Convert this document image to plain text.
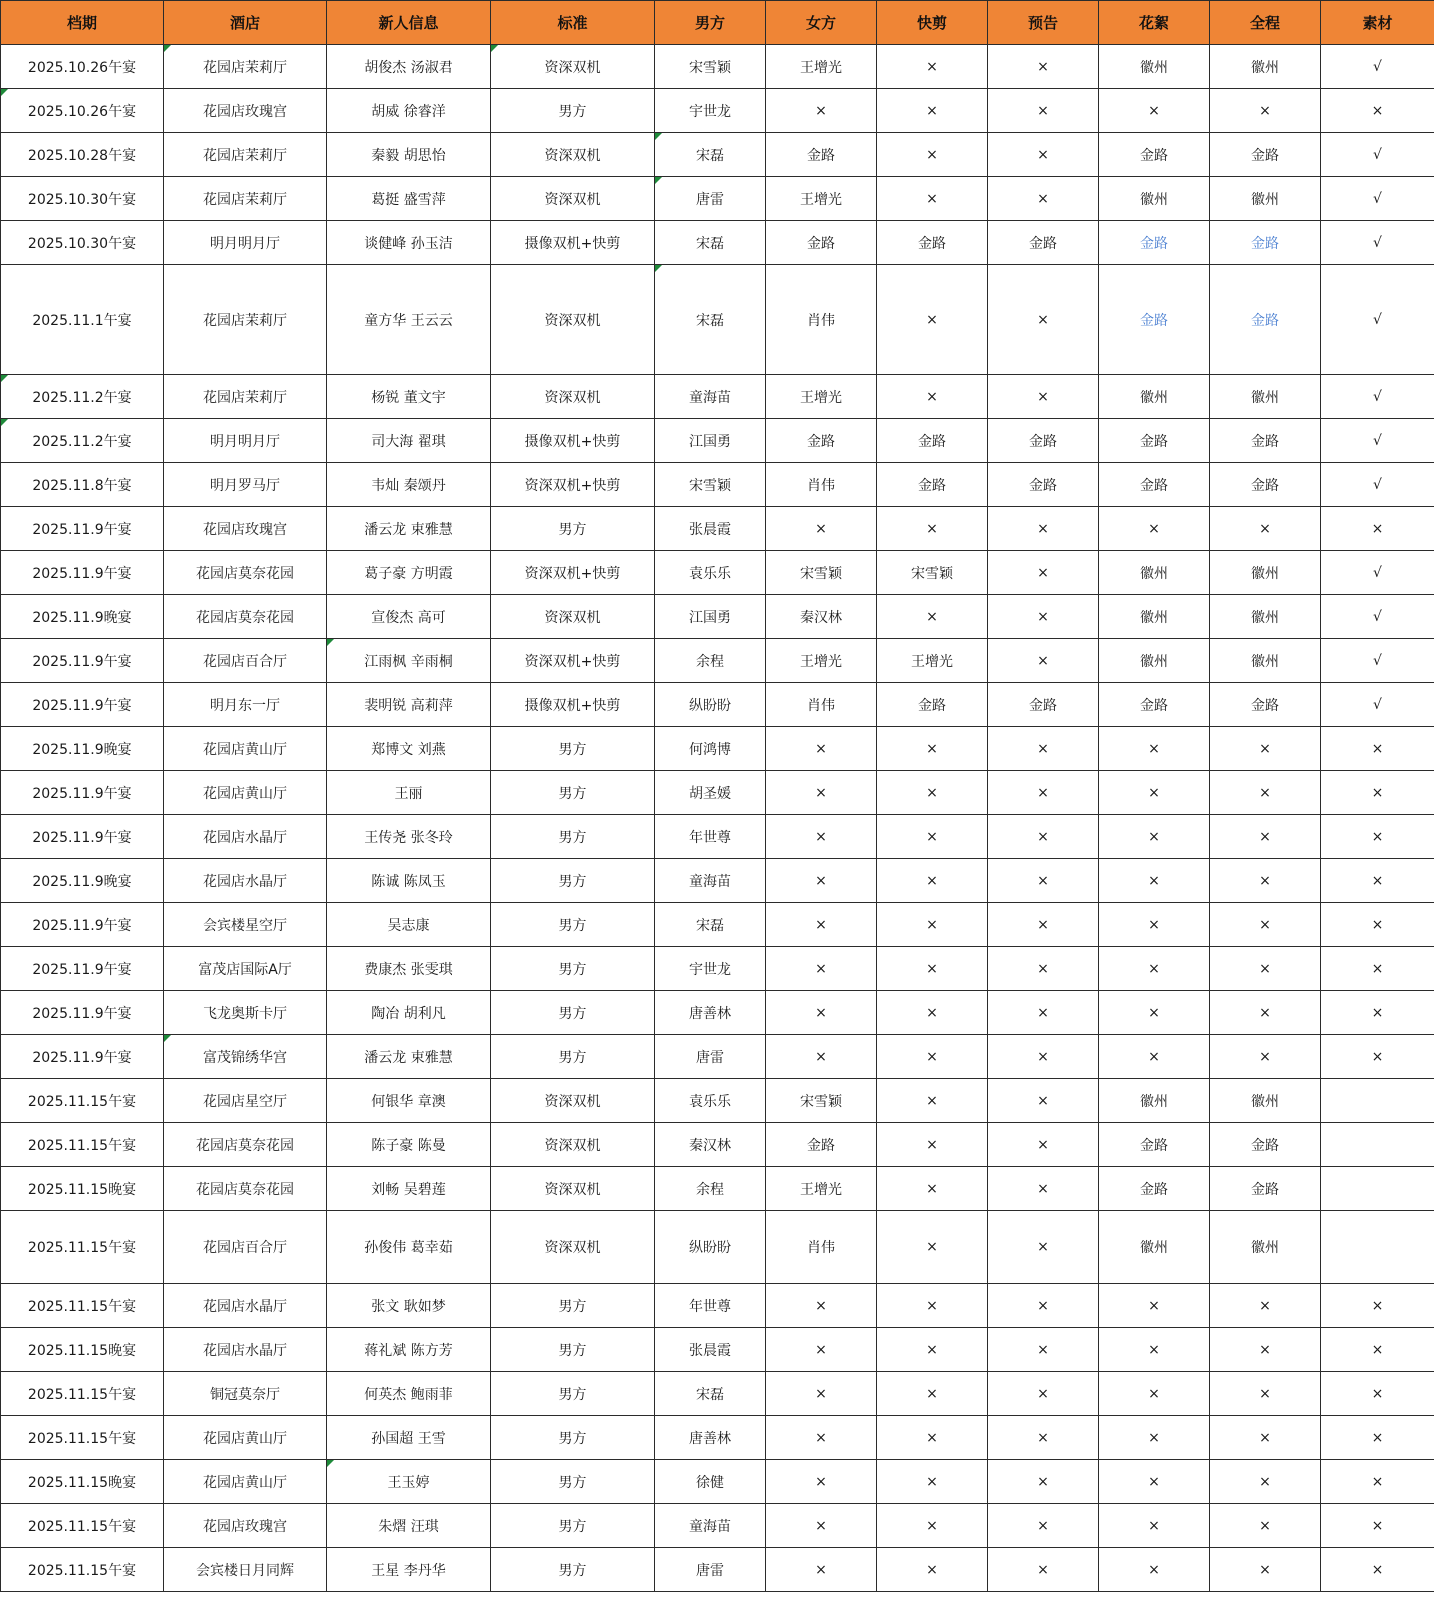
档期	酒店	新人信息	标准	男方	女方	快剪	预告	花絮	全程	素材
2025.10.26午宴	花园店茉莉厅	胡俊杰 汤淑君	资深双机	宋雪颖	王增光	×	×	徽州	徽州	√
2025.10.26午宴	花园店玫瑰宫	胡威 徐睿洋	男方	宇世龙	×	×	×	×	×	×
2025.10.28午宴	花园店茉莉厅	秦毅 胡思怡	资深双机	宋磊	金路	×	×	金路	金路	√
2025.10.30午宴	花园店茉莉厅	葛挺 盛雪萍	资深双机	唐雷	王增光	×	×	徽州	徽州	√
2025.10.30午宴	明月明月厅	谈健峰 孙玉洁	摄像双机+快剪	宋磊	金路	金路	金路	金路	金路	√
2025.11.1午宴	花园店茉莉厅	童方华 王云云	资深双机	宋磊	肖伟	×	×	金路	金路	√
2025.11.2午宴	花园店茉莉厅	杨锐 董文宇	资深双机	童海苗	王增光	×	×	徽州	徽州	√
2025.11.2午宴	明月明月厅	司大海 翟琪	摄像双机+快剪	江国勇	金路	金路	金路	金路	金路	√
2025.11.8午宴	明月罗马厅	韦灿 秦颂丹	资深双机+快剪	宋雪颖	肖伟	金路	金路	金路	金路	√
2025.11.9午宴	花园店玫瑰宫	潘云龙 束雅慧	男方	张晨霞	×	×	×	×	×	×
2025.11.9午宴	花园店莫奈花园	葛子豪 方明霞	资深双机+快剪	袁乐乐	宋雪颖	宋雪颖	×	徽州	徽州	√
2025.11.9晚宴	花园店莫奈花园	宣俊杰 高可	资深双机	江国勇	秦汉林	×	×	徽州	徽州	√
2025.11.9午宴	花园店百合厅	江雨枫 辛雨桐	资深双机+快剪	余程	王增光	王增光	×	徽州	徽州	√
2025.11.9午宴	明月东一厅	裴明锐 高莉萍	摄像双机+快剪	纵盼盼	肖伟	金路	金路	金路	金路	√
2025.11.9晚宴	花园店黄山厅	郑博文 刘燕	男方	何鸿博	×	×	×	×	×	×
2025.11.9午宴	花园店黄山厅	王丽	男方	胡圣媛	×	×	×	×	×	×
2025.11.9午宴	花园店水晶厅	王传尧 张冬玲	男方	年世尊	×	×	×	×	×	×
2025.11.9晚宴	花园店水晶厅	陈诚 陈凤玉	男方	童海苗	×	×	×	×	×	×
2025.11.9午宴	会宾楼星空厅	吴志康	男方	宋磊	×	×	×	×	×	×
2025.11.9午宴	富茂店国际A厅	费康杰 张雯琪	男方	宇世龙	×	×	×	×	×	×
2025.11.9午宴	飞龙奥斯卡厅	陶冶 胡利凡	男方	唐善林	×	×	×	×	×	×
2025.11.9午宴	富茂锦绣华宫	潘云龙 束雅慧	男方	唐雷	×	×	×	×	×	×
2025.11.15午宴	花园店星空厅	何银华 章澳	资深双机	袁乐乐	宋雪颖	×	×	徽州	徽州	
2025.11.15午宴	花园店莫奈花园	陈子豪 陈曼	资深双机	秦汉林	金路	×	×	金路	金路	
2025.11.15晚宴	花园店莫奈花园	刘畅 吴碧莲	资深双机	余程	王增光	×	×	金路	金路	
2025.11.15午宴	花园店百合厅	孙俊伟 葛幸茹	资深双机	纵盼盼	肖伟	×	×	徽州	徽州	
2025.11.15午宴	花园店水晶厅	张文 耿如梦	男方	年世尊	×	×	×	×	×	×
2025.11.15晚宴	花园店水晶厅	蒋礼斌 陈方芳	男方	张晨霞	×	×	×	×	×	×
2025.11.15午宴	铜冠莫奈厅	何英杰 鲍雨菲	男方	宋磊	×	×	×	×	×	×
2025.11.15午宴	花园店黄山厅	孙国超 王雪	男方	唐善林	×	×	×	×	×	×
2025.11.15晚宴	花园店黄山厅	王玉婷	男方	徐健	×	×	×	×	×	×
2025.11.15午宴	花园店玫瑰宫	朱熠 汪琪	男方	童海苗	×	×	×	×	×	×
2025.11.15午宴	会宾楼日月同辉	王星 李丹华	男方	唐雷	×	×	×	×	×	×
